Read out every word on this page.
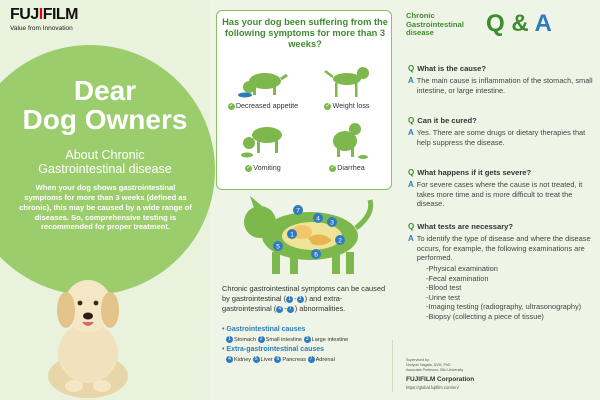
FUJIFILM
Value from Innovation
Dear
Dog Owners
About Chronic
Gastrointestinal disease
When your dog shows gastrointestinal symptoms for more than 3 weeks (defined as chronic), this may be caused by a wide range of diseases. So, comprehensive testing is recommended for proper treatment.
Has your dog been suffering from the following symptoms for more than 3 weeks?
✓ Decreased appetite	✓ Weight loss
✓ Vomiting	✓ Diarrhea
7
4
3
1
5
2
6
Chronic gastrointestinal symptoms can be caused by gastrointestinal ( 1 - 3 ) and extra-gastrointestinal ( 4 - 7 ) abnormalities.
• Gastrointestinal causes
1 Stomach 2 Small intestine 3 Large intestine
• Extra-gastrointestinal causes
4 Kidney 5 Liver 6 Pancreas 7 Adrenal
Chronic
Gastrointestinal
disease	Q & A
Q What is the cause?
A The main cause is inflammation of the stomach, small intestine, or large intestine.
Q Can it be cured?
A Yes. There are some drugs or dietary therapies that help suppress the disease.
Q What happens if it gets severe?
A For severe cases where the cause is not treated, it takes more time and is more difficult to treat the disease.
Q What tests are necessary?
A To identify the type of disease and where the disease occurs, for example, the following examinations are performed.
-Physical examination
-Fecal examination
-Blood test
-Urine test
-Imaging testing (radiography, ultrasonography)
-Biopsy (collecting a piece of tissue)
Supervised by
Noriyuki Nagata, DVM, PhD
Associate Professor, Gifu University
FUJIFILM Corporation
https://global.fujifilm.com/en/
